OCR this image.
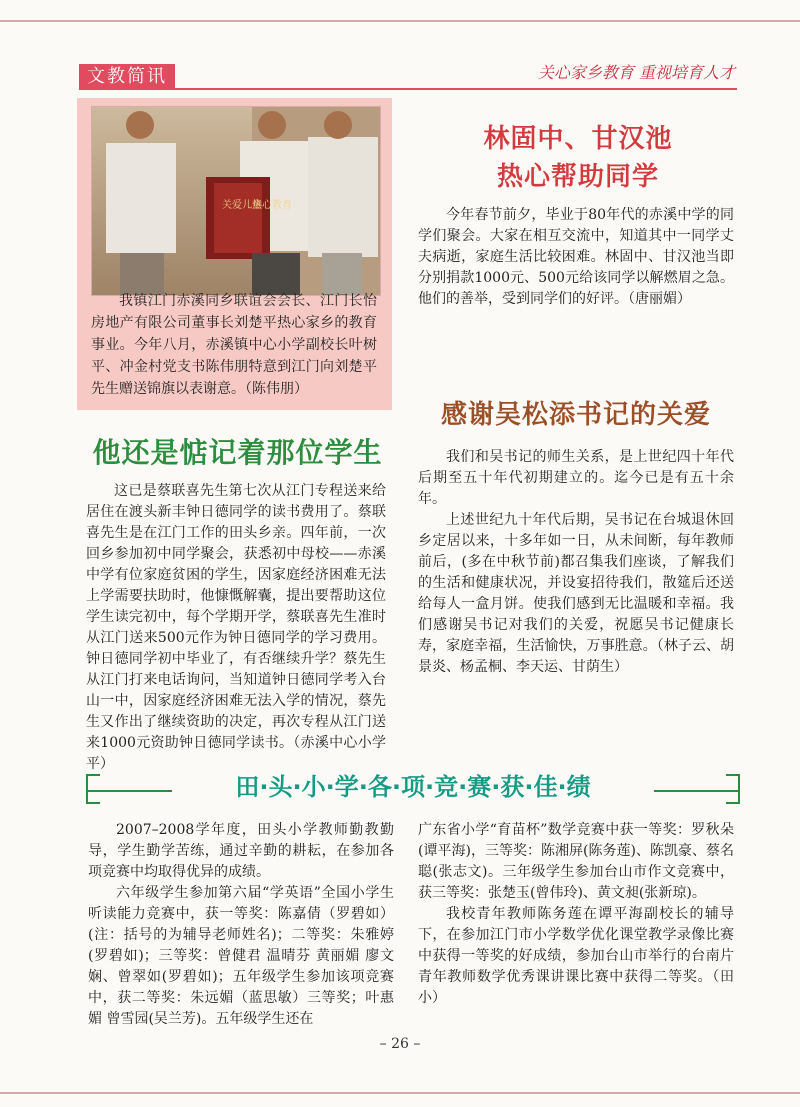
文教简讯	关心家乡教育 重视培育人才
热心教育
关爱儿童
我镇江门赤溪同乡联谊会会长、江门长怡房地产有限公司董事长刘楚平热心家乡的教育事业。今年八月，赤溪镇中心小学副校长叶树平、冲金村党支书陈伟朋特意到江门向刘楚平先生赠送锦旗以表谢意。（陈伟朋）
林固中、甘汉池
热心帮助同学

今年春节前夕，毕业于80年代的赤溪中学的同学们聚会。大家在相互交流中，知道其中一同学丈夫病逝，家庭生活比较困难。林固中、甘汉池当即分别捐款1000元、500元给该同学以解燃眉之急。他们的善举，受到同学们的好评。（唐丽媚）

感谢吴松添书记的关爱

我们和吴书记的师生关系，是上世纪四十年代后期至五十年代初期建立的。迄今已是有五十余年。

上述世纪九十年代后期，吴书记在台城退休回乡定居以来，十多年如一日，从未间断，每年教师前后，(多在中秋节前)都召集我们座谈，了解我们的生活和健康状况，并设宴招待我们，散筵后还送给每人一盒月饼。使我们感到无比温暖和幸福。我们感谢吴书记对我们的关爱，祝愿吴书记健康长寿，家庭幸福，生活愉快，万事胜意。（林子云、胡景炎、杨孟桐、李天运、甘荫生）

他还是惦记着那位学生

这已是蔡联喜先生第七次从江门专程送来给居住在渡头新丰钟日德同学的读书费用了。蔡联喜先生是在江门工作的田头乡亲。四年前，一次回乡参加初中同学聚会，获悉初中母校——赤溪中学有位家庭贫困的学生，因家庭经济困难无法上学需要扶助时，他慷慨解囊，提出要帮助这位学生读完初中，每个学期开学，蔡联喜先生准时从江门送来500元作为钟日德同学的学习费用。钟日德同学初中毕业了，有否继续升学？蔡先生从江门打来电话询问，当知道钟日德同学考入台山一中，因家庭经济困难无法入学的情况，蔡先生又作出了继续资助的决定，再次专程从江门送来1000元资助钟日德同学读书。（赤溪中心小学 平）

田·头·小·学·各·项·竞·赛·获·佳·绩

2007–2008学年度，田头小学教师勤教勤导，学生勤学苦练，通过辛勤的耕耘，在参加各项竞赛中均取得优异的成绩。

六年级学生参加第六届“学英语”全国小学生听读能力竞赛中，获一等奖：陈嘉倩（罗碧如）(注：括号的为辅导老师姓名)；二等奖：朱雅婷(罗碧如)；三等奖：曾健君 温晴芬 黄丽媚 廖文娴、曾翠如(罗碧如)；五年级学生参加该项竞赛中，获二等奖：朱远媚（蓝思敏）三等奖；叶惠媚 曾雪园(吴兰芳)。五年级学生还在

广东省小学“育苗杯”数学竞赛中获一等奖：罗秋朵(谭平海)，三等奖：陈湘屏(陈务莲)、陈凯豪、蔡名聪(张志文)。三年级学生参加台山市作文竞赛中，获三等奖：张楚玉(曾伟玲)、黄文昶(张新琼)。

我校青年教师陈务莲在谭平海副校长的辅导下，在参加江门市小学数学优化课堂教学录像比赛中获得一等奖的好成绩，参加台山市举行的台南片青年教师数学优秀课讲课比赛中获得二等奖。（田小）

– 26 –
